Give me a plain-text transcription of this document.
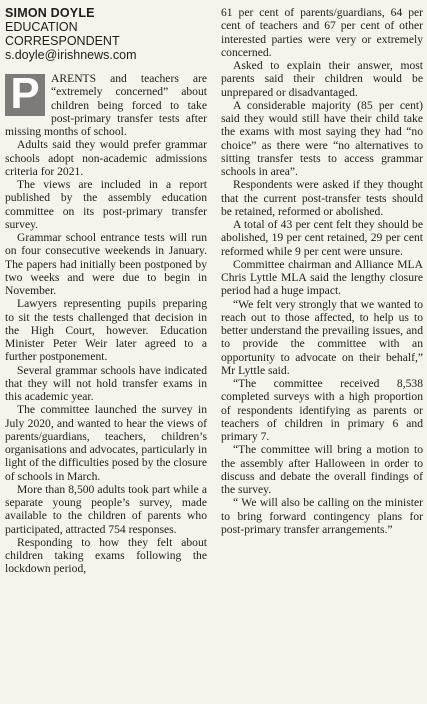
SIMON DOYLE
EDUCATION
CORRESPONDENT
s.doyle@irishnews.com

P ARENTS and teachers are “extremely concerned” about children being forced to take post-primary transfer tests after missing months of school.

Adults said they would prefer grammar schools adopt non-academic admissions criteria for 2021.

The views are included in a report published by the assembly education committee on its post-primary transfer survey.

Grammar school entrance tests will run on four consecutive weekends in January. The papers had initially been postponed by two weeks and were due to begin in November.

Lawyers representing pupils preparing to sit the tests challenged that decision in the High Court, however. Education Minister Peter Weir later agreed to a further postponement.

Several grammar schools have indicated that they will not hold transfer exams in this academic year.

The committee launched the survey in July 2020, and wanted to hear the views of parents/guardians, teachers, children’s organisations and advocates, particularly in light of the difficulties posed by the closure of schools in March.

More than 8,500 adults took part while a separate young people’s survey, made available to the children of parents who participated, attracted 754 responses.

Responding to how they felt about children taking exams following the lockdown period,

61 per cent of parents/guardians, 64 per cent of teachers and 67 per cent of other interested parties were very or extremely concerned.

Asked to explain their answer, most parents said their children would be unprepared or disadvantaged.

A considerable majority (85 per cent) said they would still have their child take the exams with most saying they had “no choice” as there were “no alternatives to sitting transfer tests to access grammar schools in area”.

Respondents were asked if they thought that the current post-transfer tests should be retained, reformed or abolished.

A total of 43 per cent felt they should be abolished, 19 per cent retained, 29 per cent reformed while 9 per cent were unsure.

Committee chairman and Alliance MLA Chris Lyttle MLA said the lengthy closure period had a huge impact.

“We felt very strongly that we wanted to reach out to those affected, to help us to better understand the prevailing issues, and to provide the committee with an opportunity to advocate on their behalf,” Mr Lyttle said.

“The committee received 8,538 completed surveys with a high proportion of respondents identifying as parents or teachers of children in primary 6 and primary 7.

“The committee will bring a motion to the assembly after Halloween in order to discuss and debate the overall findings of the survey.

“ We will also be calling on the minister to bring forward contingency plans for post-primary transfer arrangements.”
